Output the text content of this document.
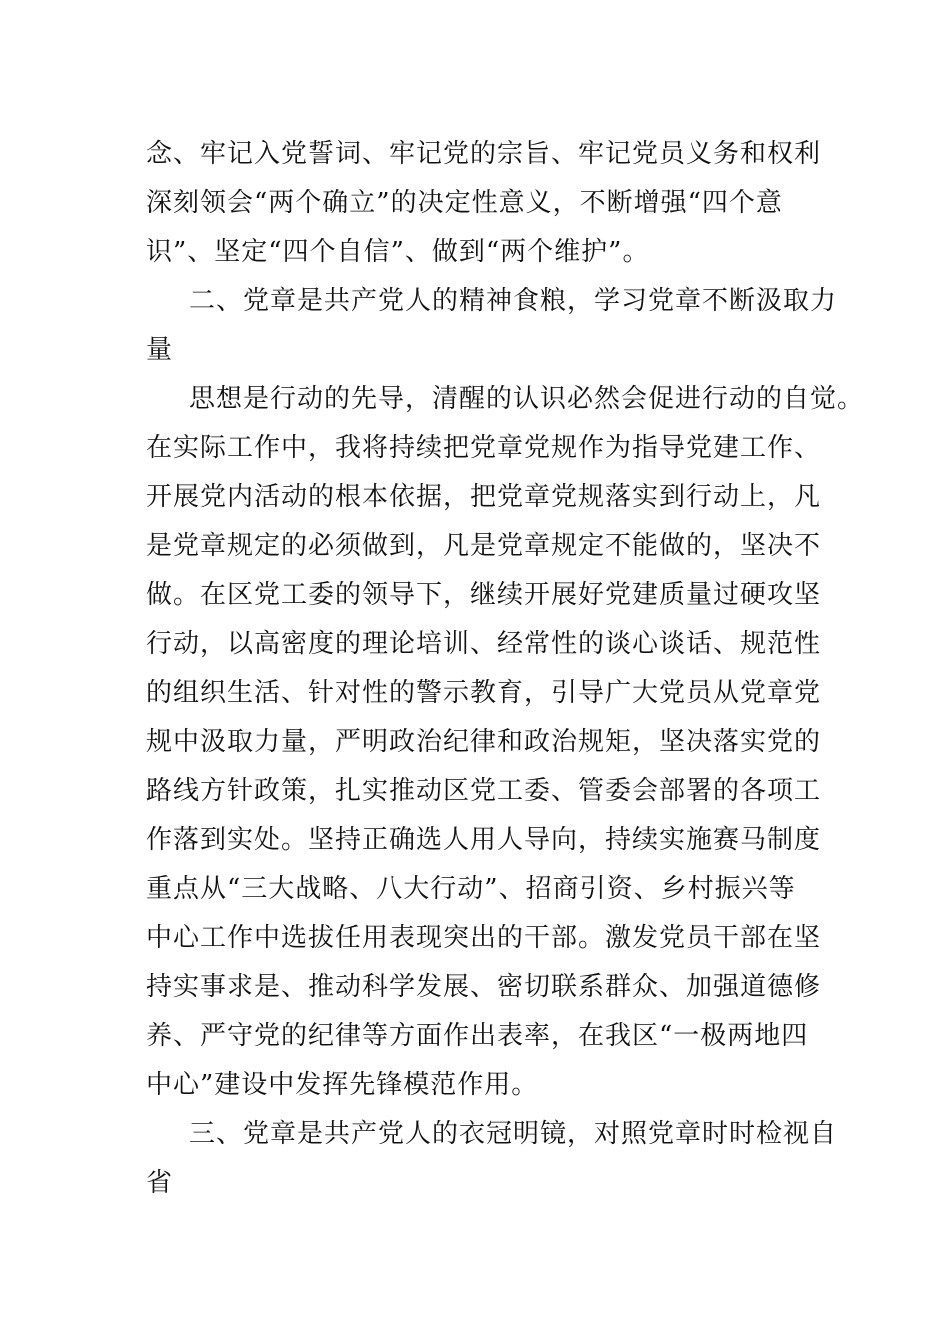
念、牢记入党誓词、牢记党的宗旨、牢记党员义务和权利
深刻领会“两个确立”的决定性意义，不断增强“四个意
识”、坚定“四个自信”、做到“两个维护”。
二、党章是共产党人的精神食粮，学习党章不断汲取力
量
思想是行动的先导，清醒的认识必然会促进行动的自觉。
在实际工作中，我将持续把党章党规作为指导党建工作、
开展党内活动的根本依据，把党章党规落实到行动上，凡
是党章规定的必须做到，凡是党章规定不能做的，坚决不
做。在区党工委的领导下，继续开展好党建质量过硬攻坚
行动，以高密度的理论培训、经常性的谈心谈话、规范性
的组织生活、针对性的警示教育，引导广大党员从党章党
规中汲取力量，严明政治纪律和政治规矩，坚决落实党的
路线方针政策，扎实推动区党工委、管委会部署的各项工
作落到实处。坚持正确选人用人导向，持续实施赛马制度
重点从“三大战略、八大行动”、招商引资、乡村振兴等
中心工作中选拔任用表现突出的干部。激发党员干部在坚
持实事求是、推动科学发展、密切联系群众、加强道德修
养、严守党的纪律等方面作出表率，在我区“一极两地四
中心”建设中发挥先锋模范作用。
三、党章是共产党人的衣冠明镜，对照党章时时检视自
省
